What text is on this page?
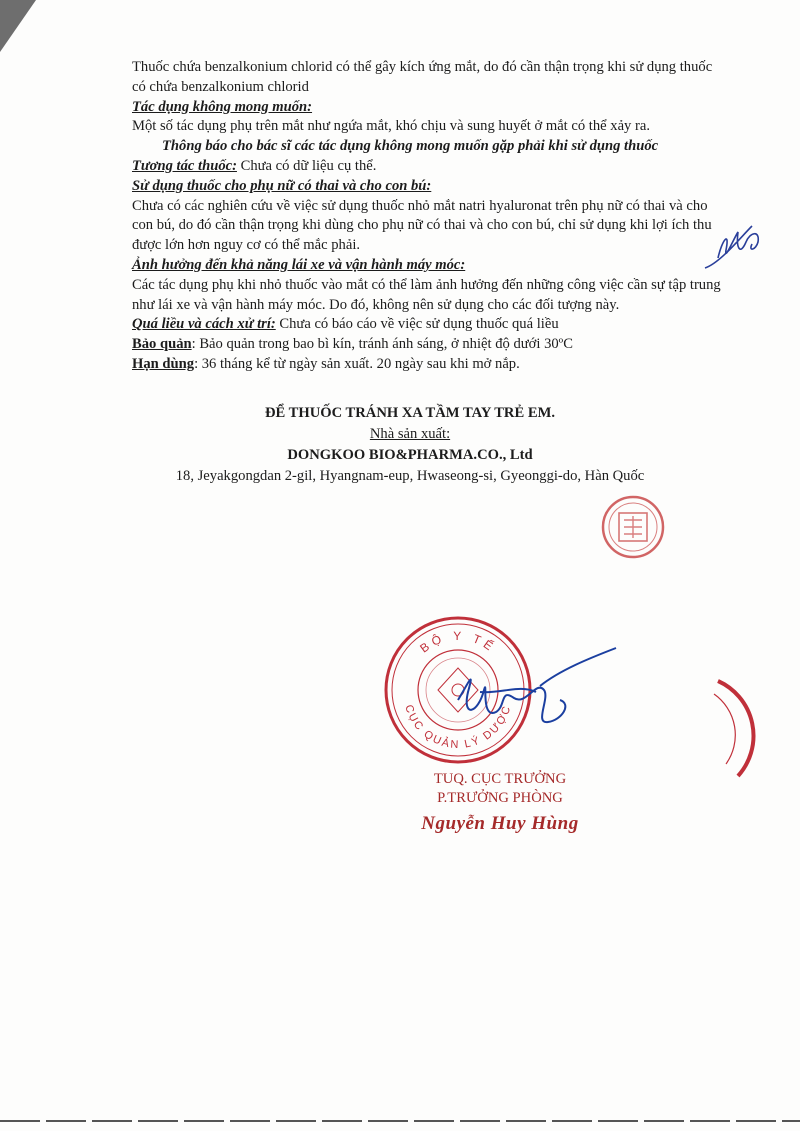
Thuốc chứa benzalkonium chlorid có thể gây kích ứng mắt, do đó cần thận trọng khi sử dụng thuốc có chứa benzalkonium chlorid

Tác dụng không mong muốn:

Một số tác dụng phụ trên mắt như ngứa mắt, khó chịu và sung huyết ở mắt có thể xảy ra.

Thông báo cho bác sĩ các tác dụng không mong muốn gặp phải khi sử dụng thuốc

Tương tác thuốc: Chưa có dữ liệu cụ thể.

Sử dụng thuốc cho phụ nữ có thai và cho con bú:

Chưa có các nghiên cứu về việc sử dụng thuốc nhỏ mắt natri hyaluronat trên phụ nữ có thai và cho con bú, do đó cần thận trọng khi dùng cho phụ nữ có thai và cho con bú, chỉ sử dụng khi lợi ích thu được lớn hơn nguy cơ có thể mắc phải.

Ảnh hưởng đến khả năng lái xe và vận hành máy móc:

Các tác dụng phụ khi nhỏ thuốc vào mắt có thể làm ảnh hưởng đến những công việc cần sự tập trung như lái xe và vận hành máy móc. Do đó, không nên sử dụng cho các đối tượng này.

Quá liều và cách xử trí: Chưa có báo cáo về việc sử dụng thuốc quá liều

Bảo quản: Bảo quản trong bao bì kín, tránh ánh sáng, ở nhiệt độ dưới 30ºC

Hạn dùng: 36 tháng kể từ ngày sản xuất. 20 ngày sau khi mở nắp.

ĐỂ THUỐC TRÁNH XA TẦM TAY TRẺ EM.

Nhà sản xuất:

DONGKOO BIO&PHARMA.CO., Ltd

18, Jeyakgongdan 2-gil, Hyangnam-eup, Hwaseong-si, Gyeonggi-do, Hàn Quốc

BỘ Y TẾ
CỤC QUẢN LÝ DƯỢC

TUQ. CỤC TRƯỞNG

P.TRƯỞNG PHÒNG

Nguyễn Huy Hùng
